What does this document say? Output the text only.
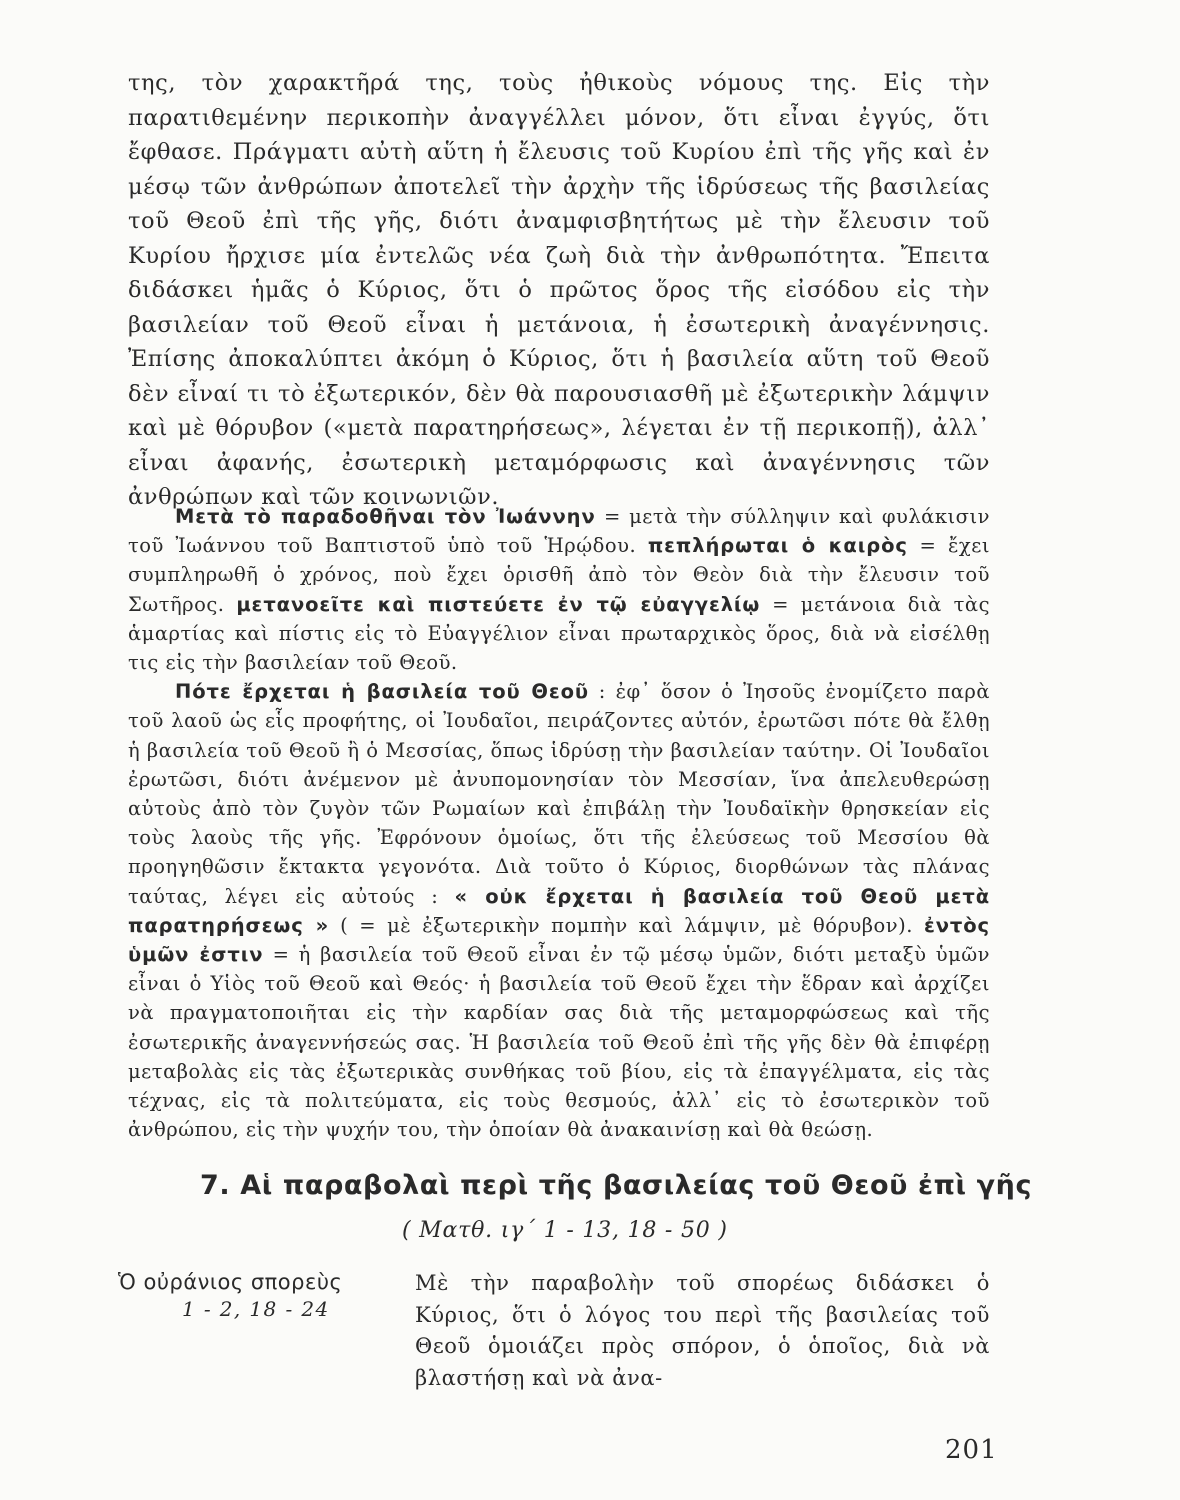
της, τὸν χαρακτῆρά της, τοὺς ἠθικοὺς νόμους της. Εἰς τὴν παρατιθεμένην περικοπὴν ἀναγγέλλει μόνον, ὅτι εἶναι ἐγγύς, ὅτι ἔφθασε. Πράγματι αὐτὴ αὕτη ἡ ἔλευσις τοῦ Κυρίου ἐπὶ τῆς γῆς καὶ ἐν μέσῳ τῶν ἀνθρώπων ἀποτελεῖ τὴν ἀρχὴν τῆς ἱδρύσεως τῆς βασιλείας τοῦ Θεοῦ ἐπὶ τῆς γῆς, διότι ἀναμφισβητήτως μὲ τὴν ἔλευσιν τοῦ Κυρίου ἤρχισε μία ἐντελῶς νέα ζωὴ διὰ τὴν ἀνθρωπότητα. Ἔπειτα διδάσκει ἡμᾶς ὁ Κύριος, ὅτι ὁ πρῶτος ὅρος τῆς εἰσόδου εἰς τὴν βασιλείαν τοῦ Θεοῦ εἶναι ἡ μετάνοια, ἡ ἐσωτερικὴ ἀναγέννησις. Ἐπίσης ἀποκαλύπτει ἀκόμη ὁ Κύριος, ὅτι ἡ βασιλεία αὕτη τοῦ Θεοῦ δὲν εἶναί τι τὸ ἐξωτερικόν, δὲν θὰ παρουσιασθῆ μὲ ἐξωτερικὴν λάμψιν καὶ μὲ θόρυβον («μετὰ παρατηρήσεως», λέγεται ἐν τῇ περικοπῇ), ἀλλ᾿ εἶναι ἀφανής, ἐσωτερικὴ μεταμόρφωσις καὶ ἀναγέννησις τῶν ἀνθρώπων καὶ τῶν κοινωνιῶν.

Μετὰ τὸ παραδοθῆναι τὸν Ἰωάννην = μετὰ τὴν σύλληψιν καὶ φυλάκισιν τοῦ Ἰωάννου τοῦ Βαπτιστοῦ ὑπὸ τοῦ Ἡρῴδου. πεπλήρωται ὁ καιρὸς = ἔχει συμπληρωθῆ ὁ χρόνος, ποὺ ἔχει ὁρισθῆ ἀπὸ τὸν Θεὸν διὰ τὴν ἔλευσιν τοῦ Σωτῆρος. μετανοεῖτε καὶ πιστεύετε ἐν τῷ εὐαγγελίῳ = μετάνοια διὰ τὰς ἁμαρτίας καὶ πίστις εἰς τὸ Εὐαγγέλιον εἶναι πρωταρχικὸς ὅρος, διὰ νὰ εἰσέλθῃ τις εἰς τὴν βασιλείαν τοῦ Θεοῦ.

Πότε ἔρχεται ἡ βασιλεία τοῦ Θεοῦ : ἐφ᾿ ὅσον ὁ Ἰησοῦς ἐνομίζετο παρὰ τοῦ λαοῦ ὡς εἷς προφήτης, οἱ Ἰουδαῖοι, πειράζοντες αὐτόν, ἐρωτῶσι πότε θὰ ἔλθῃ ἡ βασιλεία τοῦ Θεοῦ ἢ ὁ Μεσσίας, ὅπως ἱδρύσῃ τὴν βασιλείαν ταύτην. Οἱ Ἰουδαῖοι ἐρωτῶσι, διότι ἀνέμενον μὲ ἀνυπομονησίαν τὸν Μεσσίαν, ἵνα ἀπελευθερώσῃ αὐτοὺς ἀπὸ τὸν ζυγὸν τῶν Ρωμαίων καὶ ἐπιβάλῃ τὴν Ἰουδαϊκὴν θρησκείαν εἰς τοὺς λαοὺς τῆς γῆς. Ἐφρόνουν ὁμοίως, ὅτι τῆς ἐλεύσεως τοῦ Μεσσίου θὰ προηγηθῶσιν ἔκτακτα γεγονότα. Διὰ τοῦτο ὁ Κύριος, διορθώνων τὰς πλάνας ταύτας, λέγει εἰς αὐτούς : « οὐκ ἔρχεται ἡ βασιλεία τοῦ Θεοῦ μετὰ παρατηρήσεως » ( = μὲ ἐξωτερικὴν πομπὴν καὶ λάμψιν, μὲ θόρυβον). ἐντὸς ὑμῶν ἐστιν = ἡ βασιλεία τοῦ Θεοῦ εἶναι ἐν τῷ μέσῳ ὑμῶν, διότι μεταξὺ ὑμῶν εἶναι ὁ Υἱὸς τοῦ Θεοῦ καὶ Θεός· ἡ βασιλεία τοῦ Θεοῦ ἔχει τὴν ἕδραν καὶ ἀρχίζει νὰ πραγματοποιῆται εἰς τὴν καρδίαν σας διὰ τῆς μεταμορφώσεως καὶ τῆς ἐσωτερικῆς ἀναγεννήσεώς σας. Ἡ βασιλεία τοῦ Θεοῦ ἐπὶ τῆς γῆς δὲν θὰ ἐπιφέρῃ μεταβολὰς εἰς τὰς ἐξωτερικὰς συνθήκας τοῦ βίου, εἰς τὰ ἐπαγγέλματα, εἰς τὰς τέχνας, εἰς τὰ πολιτεύματα, εἰς τοὺς θεσμούς, ἀλλ᾿ εἰς τὸ ἐσωτερικὸν τοῦ ἀνθρώπου, εἰς τὴν ψυχήν του, τὴν ὁποίαν θὰ ἀνακαινίσῃ καὶ θὰ θεώσῃ.

7. Αἱ παραβολαὶ περὶ τῆς βασιλείας τοῦ Θεοῦ ἐπὶ γῆς
( Ματθ. ιγ´ 1 - 13, 18 - 50 )
Ὁ οὐράνιος σπορεὺς
1 - 2, 18 - 24

Μὲ τὴν παραβολὴν τοῦ σπορέως διδάσκει ὁ Κύριος, ὅτι ὁ λόγος του περὶ τῆς βασιλείας τοῦ Θεοῦ ὁμοιάζει πρὸς σπόρον, ὁ ὁποῖος, διὰ νὰ βλαστήσῃ καὶ νὰ ἀνα-

201
